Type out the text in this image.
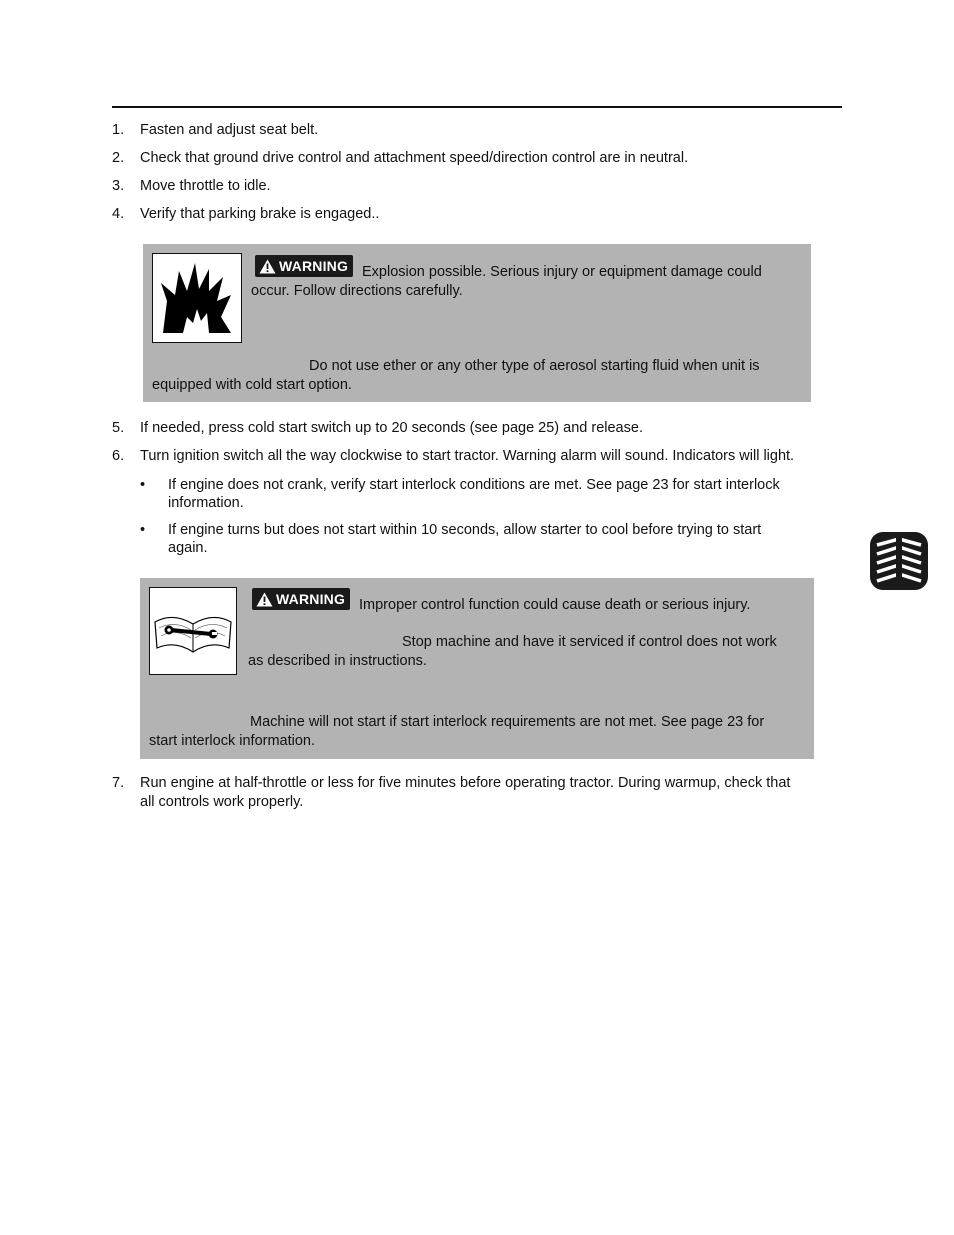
1. Fasten and adjust seat belt.
2. Check that ground drive control and attachment speed/direction control are in neutral.
3. Move throttle to idle.
4. Verify that parking brake is engaged..
WARNING Explosion possible. Serious injury or equipment damage could
occur. Follow directions carefully.
Do not use ether or any other type of aerosol starting fluid when unit is
equipped with cold start option.
5. If needed, press cold start switch up to 20 seconds (see page 25) and release.
6. Turn ignition switch all the way clockwise to start tractor. Warning alarm will sound. Indicators will light.
• If engine does not crank, verify start interlock conditions are met. See page 23 for start interlock
information.
• If engine turns but does not start within 10 seconds, allow starter to cool before trying to start
again.
WARNING Improper control function could cause death or serious injury.
Stop machine and have it serviced if control does not work
as described in instructions.
Machine will not start if start interlock requirements are not met. See page 23 for
start interlock information.
7. Run engine at half-throttle or less for five minutes before operating tractor. During warmup, check that
all controls work properly.
